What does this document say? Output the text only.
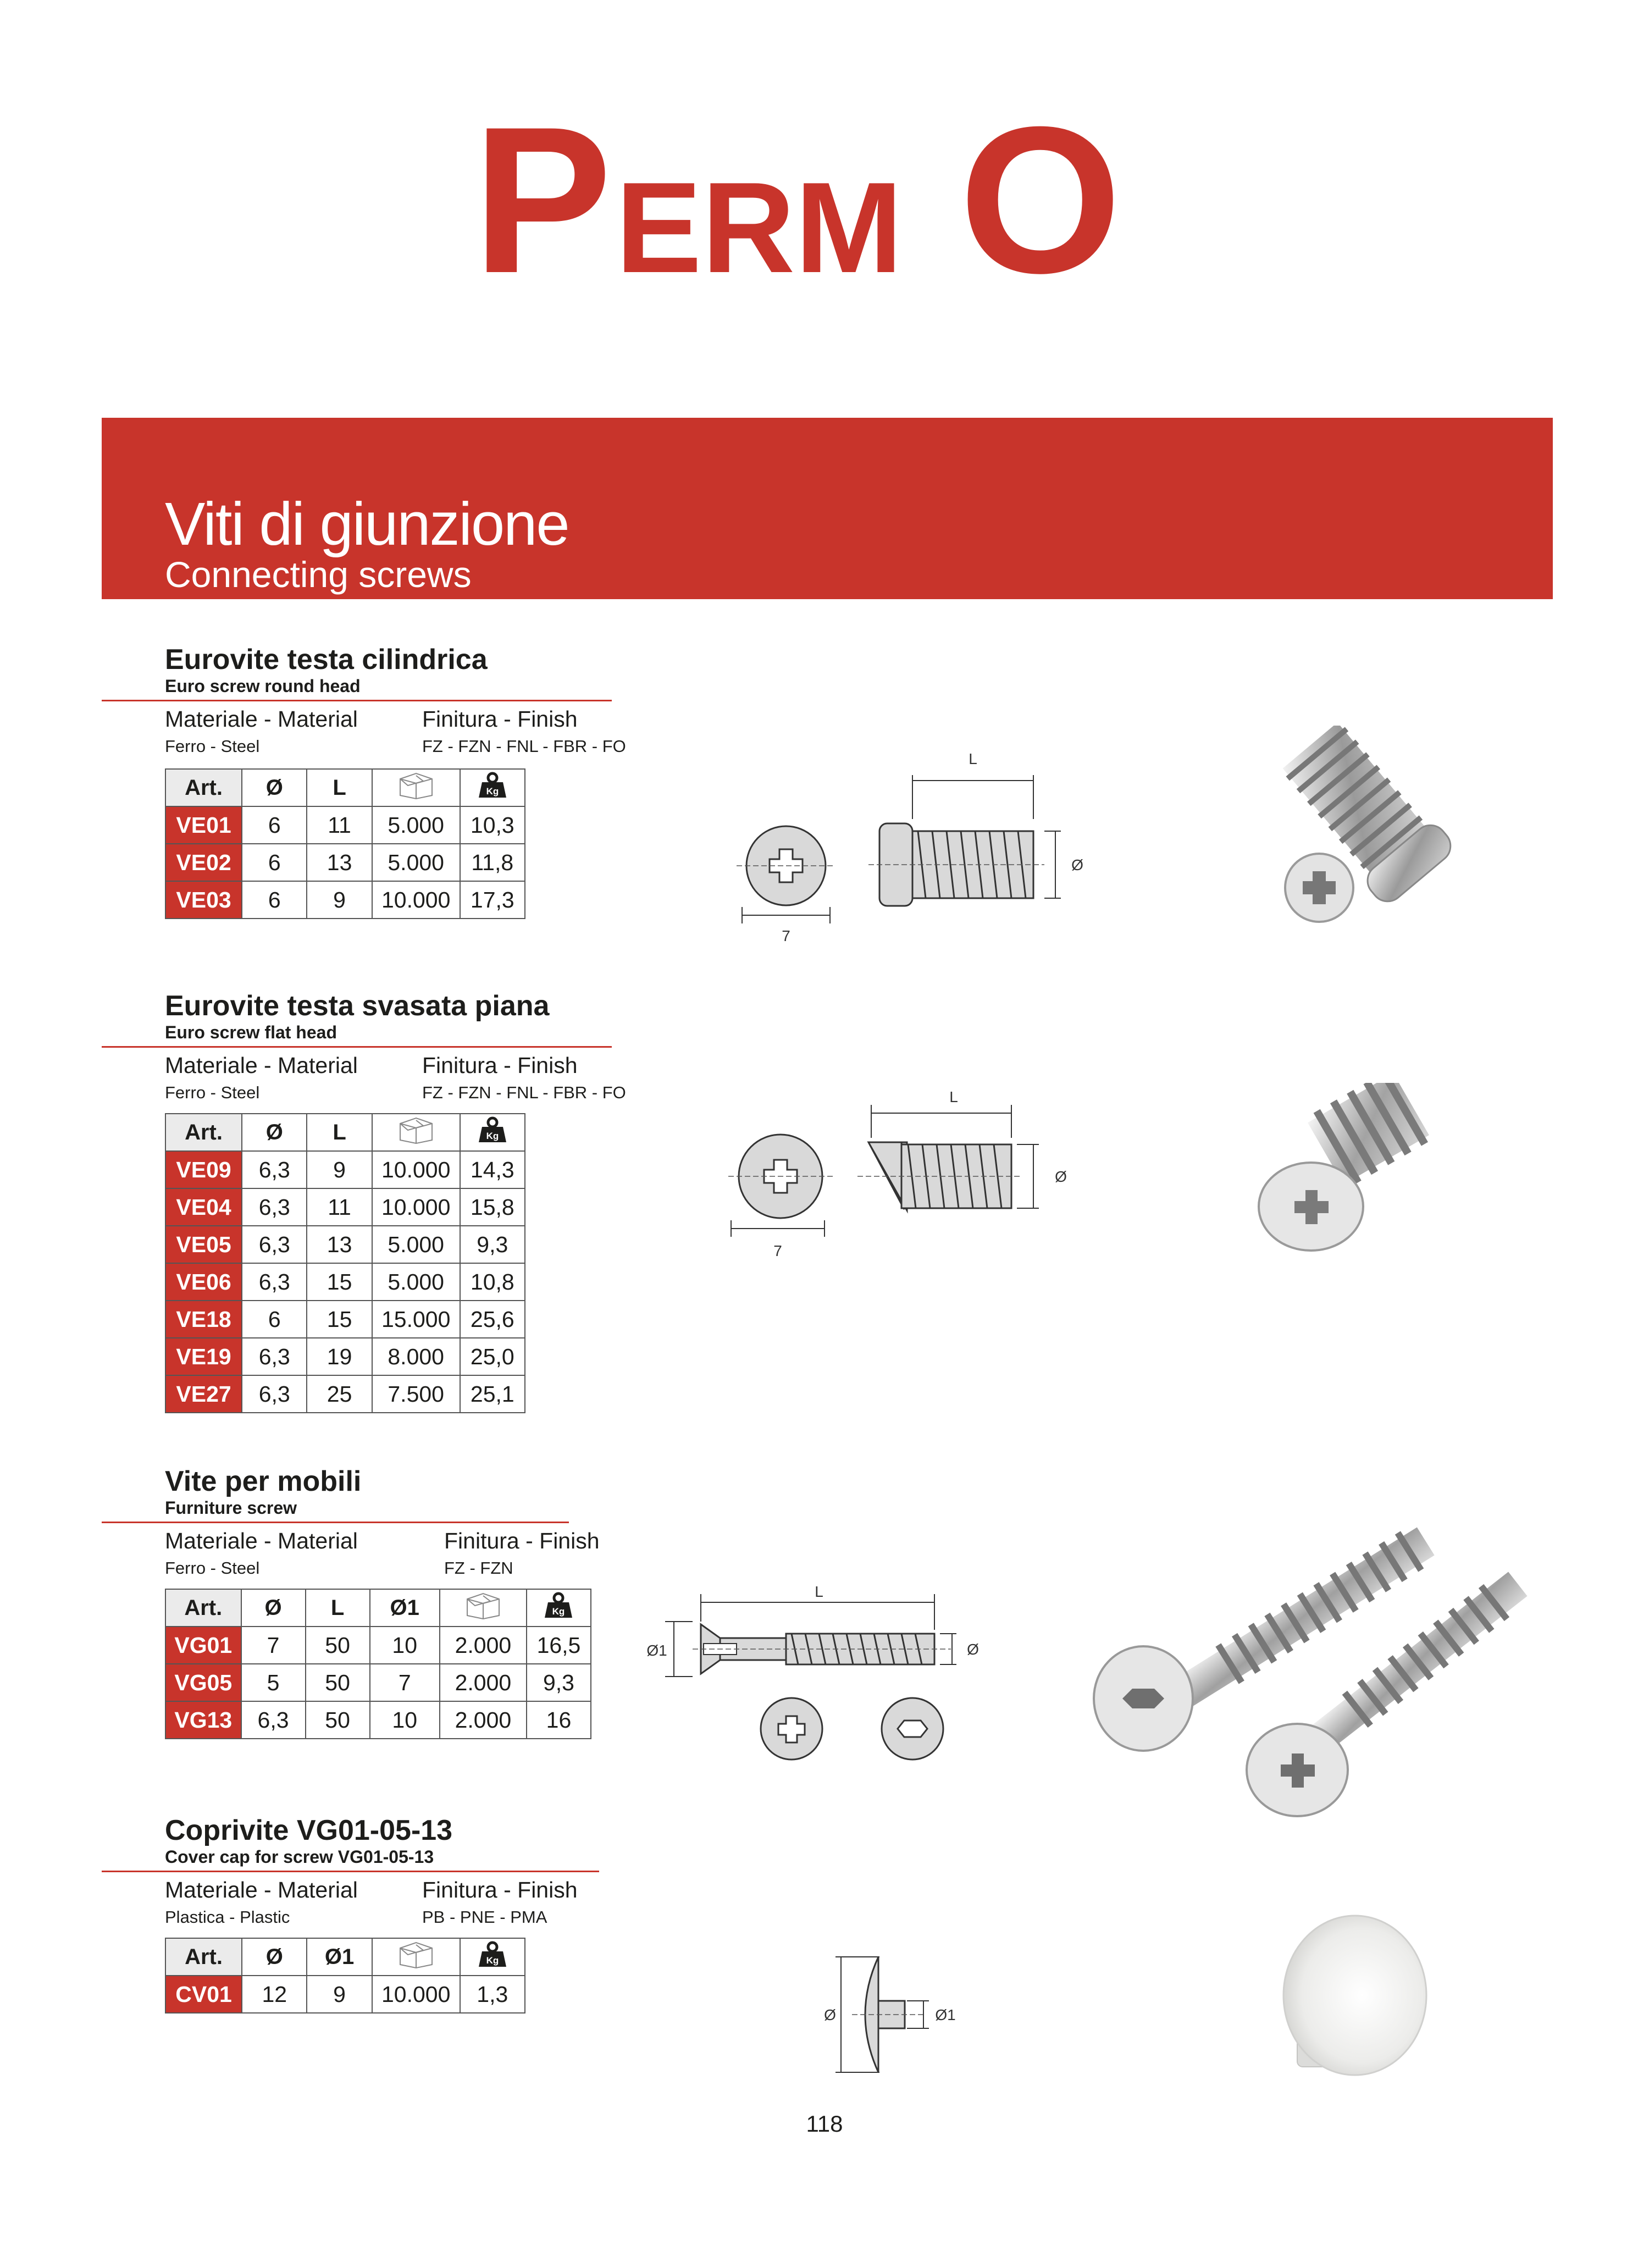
P ERM O
Viti di giunzione
Connecting screws
Eurovite testa cilindrica
Euro screw round head
Materiale - Material
Ferro - Steel
Finitura - Finish
FZ - FZN - FNL - FBR - FO
Art.	Ø	L		Kg

VE01	6	11	5.000	10,3
VE02	6	13	5.000	11,8
VE03	6	9	10.000	17,3
7
L
Ø
Eurovite testa svasata piana
Euro screw flat head
Materiale - Material
Ferro - Steel
Finitura - Finish
FZ - FZN - FNL - FBR - FO
Art.	Ø	L		Kg

VE09	6,3	9	10.000	14,3
VE04	6,3	11	10.000	15,8
VE05	6,3	13	5.000	9,3
VE06	6,3	15	5.000	10,8
VE18	6	15	15.000	25,6
VE19	6,3	19	8.000	25,0
VE27	6,3	25	7.500	25,1
7
L
Ø
Vite per mobili
Furniture screw
Materiale - Material
Ferro - Steel
Finitura - Finish
FZ - FZN
Art.	Ø	L	Ø1		Kg

VG01	7	50	10	2.000	16,5
VG05	5	50	7	2.000	9,3
VG13	6,3	50	10	2.000	16
Ø1
L
Ø
Coprivite VG01-05-13
Cover cap for screw VG01-05-13
Materiale - Material
Plastica - Plastic
Finitura - Finish
PB - PNE - PMA
Art.	Ø	Ø1		Kg

CV01	12	9	10.000	1,3
Ø	Ø1
118
